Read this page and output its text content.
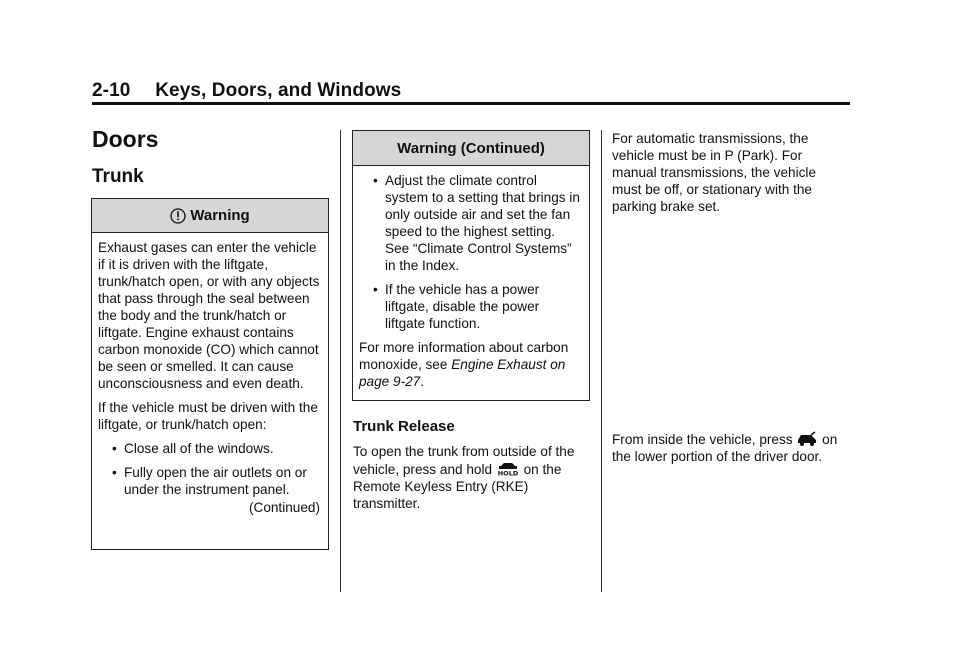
2-10 Keys, Doors, and Windows
Doors
Trunk
Warning

Exhaust gases can enter the vehicle if it is driven with the liftgate, trunk/hatch open, or with any objects that pass through the seal between the body and the trunk/hatch or liftgate. Engine exhaust contains carbon monoxide (CO) which cannot be seen or smelled. It can cause unconsciousness and even death.

If the vehicle must be driven with the liftgate, or trunk/hatch open:

• Close all of the windows.
• Fully open the air outlets on or under the instrument panel.
(Continued)
Warning (Continued)
• Adjust the climate control system to a setting that brings in only outside air and set the fan speed to the highest setting. See “Climate Control Systems” in the Index.
• If the vehicle has a power liftgate, disable the power liftgate function.

For more information about carbon monoxide, see Engine Exhaust on page 9-27.

Trunk Release

To open the trunk from outside of the vehicle, press and hold HOLD on the Remote Keyless Entry (RKE) transmitter.

For automatic transmissions, the vehicle must be in P (Park). For manual transmissions, the vehicle must be off, or stationary with the parking brake set.
From inside the vehicle, press on the lower portion of the driver door.
